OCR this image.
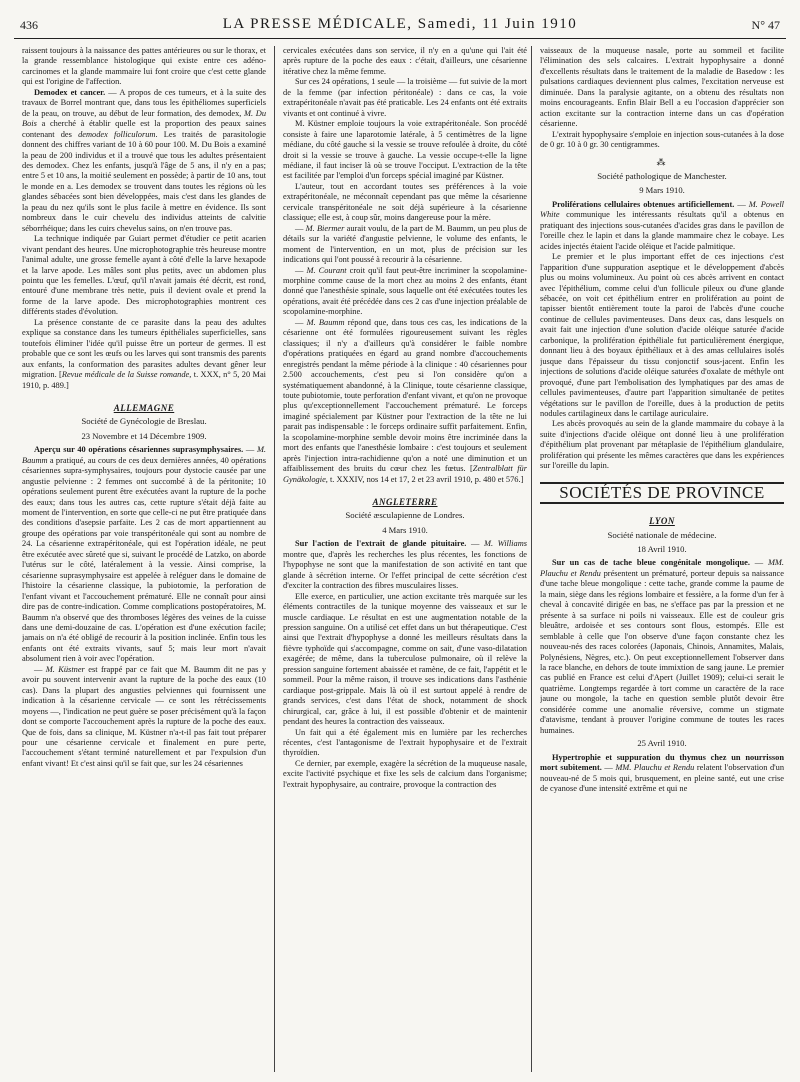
436	LA PRESSE MÉDICALE, Samedi, 11 Juin 1910	N° 47

raissent toujours à la naissance des pattes antérieures ou sur le thorax, et la grande ressemblance histologique qui existe entre ces adéno-carcinomes et la glande mammaire lui font croire que c'est cette glande qui est l'origine de l'affection.

Demodex et cancer. — A propos de ces tumeurs, et à la suite des travaux de Borrel montrant que, dans tous les épithéliomes superficiels de la peau, on trouve, au début de leur formation, des demodex, M. Du Bois a cherché à établir quelle est la proportion des peaux saines contenant des demodex folliculorum. Les traités de parasitologie donnent des chiffres variant de 10 à 60 pour 100. M. Du Bois a examiné la peau de 200 individus et il a trouvé que tous les adultes présentaient des demodex. Chez les enfants, jusqu'à l'âge de 5 ans, il n'y en a pas; entre 5 et 10 ans, la moitié seulement en possède; à partir de 10 ans, tout le monde en a. Les demodex se trouvent dans toutes les régions où les glandes sébacées sont bien développées, mais c'est dans les glandes de la peau du nez qu'ils sont le plus facile à mettre en évidence. Ils sont nombreux dans le cuir chevelu des individus atteints de calvitie séborrhéique; dans les cuirs chevelus sains, on n'en trouve pas.

La technique indiquée par Guiart permet d'étudier ce petit acarien vivant pendant des heures. Une microphotographie très heureuse montre l'animal adulte, une grosse femelle ayant à côté d'elle la larve hexapode et la larve apode. Les mâles sont plus petits, avec un abdomen plus pointu que les femelles. L'œuf, qu'il n'avait jamais été décrit, est rond, entouré d'une membrane très nette, puis il devient ovale et prend la forme de la larve apode. Des microphotographies montrent ces différents stades d'évolution.

La présence constante de ce parasite dans la peau des adultes explique sa constance dans les tumeurs épithéliales superficielles, sans toutefois éliminer l'idée qu'il puisse être un porteur de germes. Il est probable que ce sont les œufs ou les larves qui sont transmis des parents aux enfants, la conformation des parasites adultes devant gêner leur migration. [Revue médicale de la Suisse romande, t. XXX, n° 5, 20 Mai 1910, p. 489.]

ALLEMAGNE
Société de Gynécologie de Breslau.
23 Novembre et 14 Décembre 1909.

Aperçu sur 40 opérations césariennes suprasymphysaires. — M. Baumm a pratiqué, au cours de ces deux dernières années, 40 opérations césariennes supra-symphysaires, toujours pour dystocie causée par une angustie pelvienne : 2 femmes ont succombé à de la péritonite; 10 opérations seulement purent être exécutées avant la rupture de la poche des eaux; dans tous les autres cas, cette rupture s'était déjà faite au moment de l'intervention, en sorte que celle-ci ne put être pratiquée dans des conditions d'asepsie parfaite. Les 2 cas de mort appartiennent au groupe des opérations par voie transpéritonéale qui sont au nombre de 24. La césarienne extrapéritonéale, qui est l'opération idéale, ne peut être exécutée avec sûreté que si, suivant le procédé de Latzko, on aborde l'utérus sur le côté, latéralement à la vessie. Ainsi comprise, la césarienne suprasymphysaire est appelée à reléguer dans le domaine de l'histoire la césarienne classique, la pubiotomie, la perforation de l'enfant vivant et l'accouchement prématuré. Elle ne connaît pour ainsi dire pas de contre-indication. Comme complications postopératoires, M. Baumm n'a observé que des thromboses légères des veines de la cuisse dans une demi-douzaine de cas. L'opération est d'une exécution facile; jamais on n'a été obligé de recourir à la position inclinée. Enfin tous les enfants ont été extraits vivants, sauf 5; mais leur mort n'avait absolument rien à voir avec l'opération.

— M. Küstner est frappé par ce fait que M. Baumm dit ne pas y avoir pu souvent intervenir avant la rupture de la poche des eaux (10 cas). Dans la plupart des angusties pelviennes qui fournissent une indication à la césarienne cervicale — ce sont les rétrécissements moyens —, l'indication ne peut guère se poser précisément qu'à la façon dont se comporte l'accouchement après la rupture de la poche des eaux. Que de fois, dans sa clinique, M. Küstner n'a-t-il pas fait tout préparer pour une césarienne cervicale et finalement en pure perte, l'accouchement s'étant terminé naturellement et par l'expulsion d'un enfant vivant! Et c'est ainsi qu'il se fait que, sur les 24 césariennes

cervicales exécutées dans son service, il n'y en a qu'une qui l'ait été après rupture de la poche des eaux : c'était, d'ailleurs, une césarienne itérative chez la même femme.

Sur ces 24 opérations, 1 seule — la troisième — fut suivie de la mort de la femme (par infection péritonéale) : dans ce cas, la voie extrapéritonéale n'avait pas été praticable. Les 24 enfants ont été extraits vivants et ont continué à vivre.

M. Küstner emploie toujours la voie extrapéritonéale. Son procédé consiste à faire une laparotomie latérale, à 5 centimètres de la ligne médiane, du côté gauche si la vessie se trouve refoulée à droite, du côté droit si la vessie se trouve à gauche. La vessie occupe-t-elle la ligne médiane, il faut inciser là où se trouve l'occiput. L'extraction de la tête est facilitée par l'emploi d'un forceps spécial imaginé par Küstner.

L'auteur, tout en accordant toutes ses préférences à la voie extrapéritonéale, ne méconnaît cependant pas que même la césarienne cervicale transpéritonéale ne soit déjà supérieure à la césarienne classique; elle est, à coup sûr, moins dangereuse pour la mère.

— M. Biermer aurait voulu, de la part de M. Baumm, un peu plus de détails sur la variété d'angustie pelvienne, le volume des enfants, le moment de l'intervention, en un mot, plus de précision sur les indications qui l'ont poussé à recourir à la césarienne.

— M. Courant croit qu'il faut peut-être incriminer la scopolamine-morphine comme cause de la mort chez au moins 2 des enfants, étant donné que l'anesthésie spinale, sous laquelle ont été exécutées toutes les opérations, avait été précédée dans ces 2 cas d'une injection préalable de scopolamine-morphine.

— M. Baumm répond que, dans tous ces cas, les indications de la césarienne ont été formulées rigoureusement suivant les règles classiques; il n'y a d'ailleurs qu'à considérer le faible nombre d'opérations pratiquées en égard au grand nombre d'accouchements enregistrés pendant la même période à la clinique : 40 césariennes pour 2.500 accouchements, c'est peu si l'on considère qu'on a systématiquement abandonné, à la Clinique, toute césarienne classique, toute pubiotomie, toute perforation d'enfant vivant, et qu'on ne provoque plus qu'exceptionnellement l'accouchement prématuré. Le forceps imaginé spécialement par Küstner pour l'extraction de la tête ne lui parait pas indispensable : le forceps ordinaire suffit parfaitement. Enfin, la scopolamine-morphine semble devoir moins être incriminée dans la mort des enfants que l'anesthésie lombaire : c'est toujours et seulement après l'injection intra-rachidienne qu'on a noté une diminution et un affaiblissement des bruits du cœur chez les fœtus. [Zentralblatt für Gynäkologie, t. XXXIV, nos 14 et 17, 2 et 23 avril 1910, p. 480 et 576.]

ANGLETERRE
Société æsculapienne de Londres.
4 Mars 1910.

Sur l'action de l'extrait de glande pituitaire. — M. Williams montre que, d'après les recherches les plus récentes, les fonctions de l'hypophyse ne sont que la manifestation de son activité en tant que glande à sécrétion interne. Or l'effet principal de cette sécrétion c'est d'exciter la contraction des fibres musculaires lisses.

Elle exerce, en particulier, une action excitante très marquée sur les éléments contractiles de la tunique moyenne des vaisseaux et sur le muscle cardiaque. Le résultat en est une augmentation notable de la pression sanguine. On a utilisé cet effet dans un but thérapeutique. C'est ainsi que l'extrait d'hypophyse a donné les meilleurs résultats dans la fièvre typhoïde qui s'accompagne, comme on sait, d'une vaso-dilatation exagérée; de même, dans la tuberculose pulmonaire, où il relève la pression sanguine fortement abaissée et ramène, de ce fait, l'appétit et le sommeil. Pour la même raison, il trouve ses indications dans l'asthénie cardiaque post-grippale. Mais là où il est surtout appelé à rendre de grands services, c'est dans l'état de shock, notamment de shock chirurgical, car, grâce à lui, il est possible d'obtenir et de maintenir pendant des heures la contraction des vaisseaux.

Un fait qui a été également mis en lumière par les recherches récentes, c'est l'antagonisme de l'extrait hypophysaire et de l'extrait thyroïdien.

Ce dernier, par exemple, exagère la sécrétion de la muqueuse nasale, excite l'activité psychique et fixe les sels de calcium dans l'organisme; l'extrait hypophysaire, au contraire, provoque la contraction des

vaisseaux de la muqueuse nasale, porte au sommeil et facilite l'élimination des sels calcaires. L'extrait hypophysaire a donné d'excellents résultats dans le traitement de la maladie de Basedow : les pulsations cardiaques deviennent plus calmes, l'excitation nerveuse est diminuée. Dans la paralysie agitante, on a obtenu des résultats non moins encourageants. Enfin Blair Bell a eu l'occasion d'apprécier son action excitante sur la contraction interne dans un cas d'opération césarienne.

L'extrait hypophysaire s'emploie en injection sous-cutanées à la dose de 0 gr. 10 à 0 gr. 30 centigrammes.

⁂
Société pathologique de Manchester.
9 Mars 1910.

Proliférations cellulaires obtenues artificiellement. — M. Powell White communique les intéressants résultats qu'il a obtenus en pratiquant des injections sous-cutanées d'acides gras dans le pavillon de l'oreille chez le lapin et dans la glande mammaire chez le cobaye. Les acides injectés étaient l'acide oléique et l'acide palmitique.

Le premier et le plus important effet de ces injections c'est l'apparition d'une suppuration aseptique et le développement d'abcès plus ou moins volumineux. Au point où ces abcès arrivent en contact avec l'épithélium, comme celui d'un follicule pileux ou d'une glande sébacée, on voit cet épithélium entrer en prolifération au point de tapisser bientôt entièrement toute la paroi de l'abcès d'une couche continue de cellules pavimenteuses. Dans deux cas, dans lesquels on avait fait une injection d'une solution d'acide oléique saturée d'acide carbonique, la prolifération épithéliale fut particulièrement énergique, donnant lieu à des boyaux épithéliaux et à des amas cellulaires isolés jusque dans l'épaisseur du tissu conjonctif sous-jacent. Enfin les injections de solutions d'acide oléique saturées d'oxalate de méthyle ont provoqué, d'une part l'embolisation des lymphatiques par des amas de cellules pavimenteuses, d'autre part l'apparition simultanée de petites végétations sur le pavillon de l'oreille, dues à la production de petits nodules cartilagineux dans le cartilage auriculaire.

Les abcès provoqués au sein de la glande mammaire du cobaye à la suite d'injections d'acide oléique ont donné lieu à une prolifération d'épithélium plat provenant par métaplasie de l'épithélium glandulaire, prolifération qui présente les mêmes caractères que dans les expériences sur l'oreille du lapin.

SOCIÉTÉS DE PROVINCE
LYON
Société nationale de médecine.
18 Avril 1910.

Sur un cas de tache bleue congénitale mongolique. — MM. Plauchu et Rendu présentent un prématuré, porteur depuis sa naissance d'une tache bleue mongolique : cette tache, grande comme la paume de la main, siège dans les régions lombaire et fessière, a la forme d'un fer à cheval à concavité dirigée en bas, ne s'efface pas par la pression et ne présente à sa surface ni poils ni vaisseaux. Elle est de couleur gris bleuâtre, ardoisée et ses contours sont flous, estompés. Elle est semblable à celle que l'on observe d'une façon constante chez les nouveau-nés des races colorées (Japonais, Chinois, Annamites, Malais, Polynésiens, Nègres, etc.). On peut exceptionnellement l'observer dans la race blanche, en dehors de toute immixtion de sang jaune. Le premier cas publié en France est celui d'Apert (Juillet 1909); celui-ci serait le quatrième. Longtemps regardée à tort comme un caractère de la race jaune ou mongole, la tache en question semble plutôt devoir être considérée comme une anomalie réversive, comme un stigmate d'atavisme, tendant à prouver l'origine commune de toutes les races humaines.

25 Avril 1910.

Hypertrophie et suppuration du thymus chez un nourrisson mort subitement. — MM. Plauchu et Rendu relatent l'observation d'un nouveau-né de 5 mois qui, brusquement, en pleine santé, eut une crise de cyanose d'une intensité extrême et qui ne
